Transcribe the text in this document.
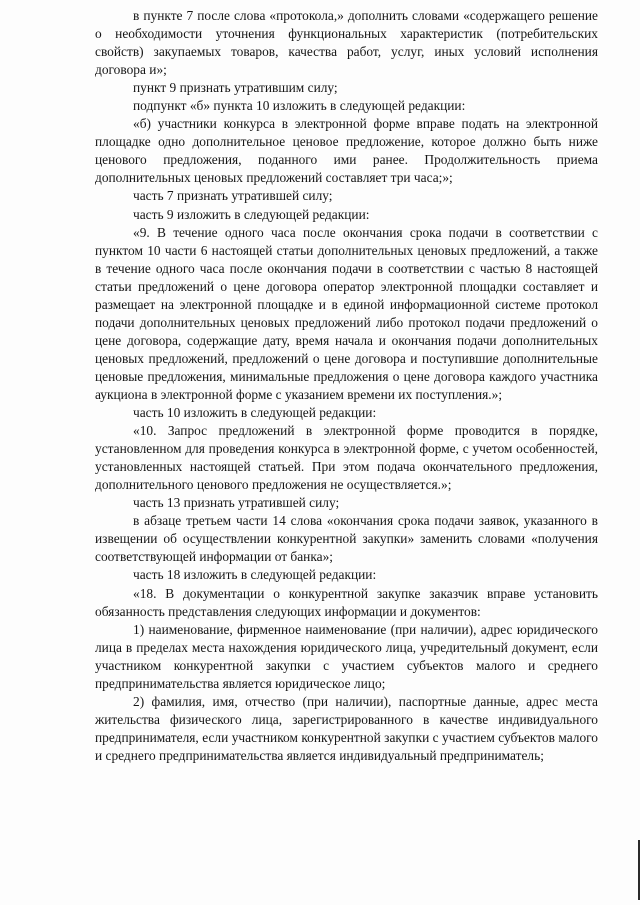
в пункте 7 после слова «протокола,» дополнить словами «содержащего решение о необходимости уточнения функциональных характеристик (потребительских свойств) закупаемых товаров, качества работ, услуг, иных условий исполнения договора и»;

пункт 9 признать утратившим силу;

подпункт «б» пункта 10 изложить в следующей редакции:

«б) участники конкурса в электронной форме вправе подать на электронной площадке одно дополнительное ценовое предложение, которое должно быть ниже ценового предложения, поданного ими ранее. Продолжительность приема дополнительных ценовых предложений составляет три часа;»;

часть 7 признать утратившей силу;

часть 9 изложить в следующей редакции:

«9. В течение одного часа после окончания срока подачи в соответствии с пунктом 10 части 6 настоящей статьи дополнительных ценовых предложений, а также в течение одного часа после окончания подачи в соответствии с частью 8 настоящей статьи предложений о цене договора оператор электронной площадки составляет и размещает на электронной площадке и в единой информационной системе протокол подачи дополнительных ценовых предложений либо протокол подачи предложений о цене договора, содержащие дату, время начала и окончания подачи дополнительных ценовых предложений, предложений о цене договора и поступившие дополнительные ценовые предложения, минимальные предложения о цене договора каждого участника аукциона в электронной форме с указанием времени их поступления.»;

часть 10 изложить в следующей редакции:

«10. Запрос предложений в электронной форме проводится в порядке, установленном для проведения конкурса в электронной форме, с учетом особенностей, установленных настоящей статьей. При этом подача окончательного предложения, дополнительного ценового предложения не осуществляется.»;

часть 13 признать утратившей силу;

в абзаце третьем части 14 слова «окончания срока подачи заявок, указанного в извещении об осуществлении конкурентной закупки» заменить словами «получения соответствующей информации от банка»;

часть 18 изложить в следующей редакции:

«18. В документации о конкурентной закупке заказчик вправе установить обязанность представления следующих информации и документов:

1) наименование, фирменное наименование (при наличии), адрес юридического лица в пределах места нахождения юридического лица, учредительный документ, если участником конкурентной закупки с участием субъектов малого и среднего предпринимательства является юридическое лицо;

2) фамилия, имя, отчество (при наличии), паспортные данные, адрес места жительства физического лица, зарегистрированного в качестве индивидуального предпринимателя, если участником конкурентной закупки с участием субъектов малого и среднего предпринимательства является индивидуальный предприниматель;
